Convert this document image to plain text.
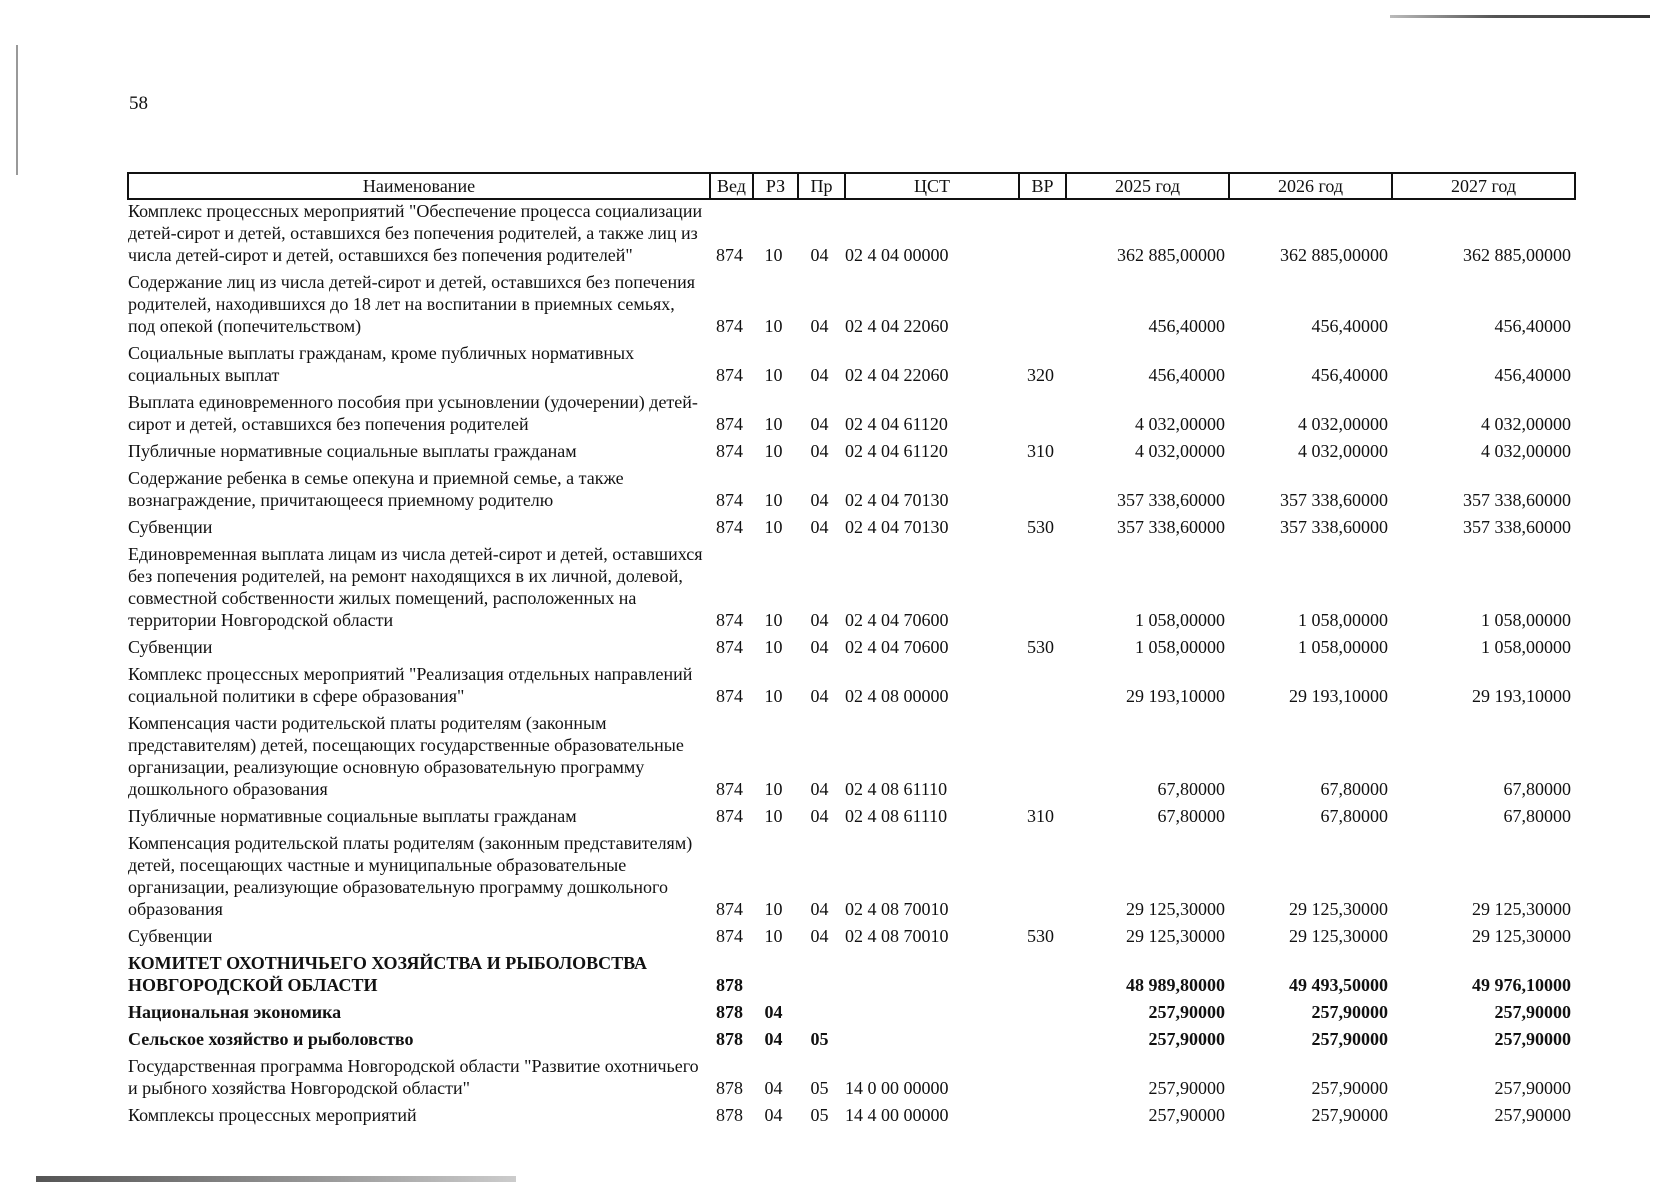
58
Наименование	Вед	РЗ	Пр	ЦСТ	ВР	2025 год	2026 год	2027 год
Комплекс процессных мероприятий "Обеспечение процесса социализации детей-сирот и детей, оставшихся без попечения родителей, а также лиц из числа детей-сирот и детей, оставшихся без попечения родителей"	874	10	04	02 4 04 00000		362 885,00000	362 885,00000	362 885,00000
Содержание лиц из числа детей-сирот и детей, оставшихся без попечения родителей, находившихся до 18 лет на воспитании в приемных семьях, под опекой (попечительством)	874	10	04	02 4 04 22060		456,40000	456,40000	456,40000
Социальные выплаты гражданам, кроме публичных нормативных социальных выплат	874	10	04	02 4 04 22060	320	456,40000	456,40000	456,40000
Выплата единовременного пособия при усыновлении (удочерении) детей-сирот и детей, оставшихся без попечения родителей	874	10	04	02 4 04 61120		4 032,00000	4 032,00000	4 032,00000
Публичные нормативные социальные выплаты гражданам	874	10	04	02 4 04 61120	310	4 032,00000	4 032,00000	4 032,00000
Содержание ребенка в семье опекуна и приемной семье, а также вознаграждение, причитающееся приемному родителю	874	10	04	02 4 04 70130		357 338,60000	357 338,60000	357 338,60000
Субвенции	874	10	04	02 4 04 70130	530	357 338,60000	357 338,60000	357 338,60000
Единовременная выплата лицам из числа детей-сирот и детей, оставшихся без попечения родителей, на ремонт находящихся в их личной, долевой, совместной собственности жилых помещений, расположенных на территории Новгородской области	874	10	04	02 4 04 70600		1 058,00000	1 058,00000	1 058,00000
Субвенции	874	10	04	02 4 04 70600	530	1 058,00000	1 058,00000	1 058,00000
Комплекс процессных мероприятий "Реализация отдельных направлений социальной политики в сфере образования"	874	10	04	02 4 08 00000		29 193,10000	29 193,10000	29 193,10000
Компенсация части родительской платы родителям (законным представителям) детей, посещающих государственные образовательные организации, реализующие основную образовательную программу дошкольного образования	874	10	04	02 4 08 61110		67,80000	67,80000	67,80000
Публичные нормативные социальные выплаты гражданам	874	10	04	02 4 08 61110	310	67,80000	67,80000	67,80000
Компенсация родительской платы родителям (законным представителям) детей, посещающих частные и муниципальные образовательные организации, реализующие образовательную программу дошкольного образования	874	10	04	02 4 08 70010		29 125,30000	29 125,30000	29 125,30000
Субвенции	874	10	04	02 4 08 70010	530	29 125,30000	29 125,30000	29 125,30000
КОМИТЕТ ОХОТНИЧЬЕГО ХОЗЯЙСТВА И РЫБОЛОВСТВА НОВГОРОДСКОЙ ОБЛАСТИ	878					48 989,80000	49 493,50000	49 976,10000
Национальная экономика	878	04				257,90000	257,90000	257,90000
Сельское хозяйство и рыболовство	878	04	05			257,90000	257,90000	257,90000
Государственная программа Новгородской области "Развитие охотничьего и рыбного хозяйства Новгородской области"	878	04	05	14 0 00 00000		257,90000	257,90000	257,90000
Комплексы процессных мероприятий	878	04	05	14 4 00 00000		257,90000	257,90000	257,90000
